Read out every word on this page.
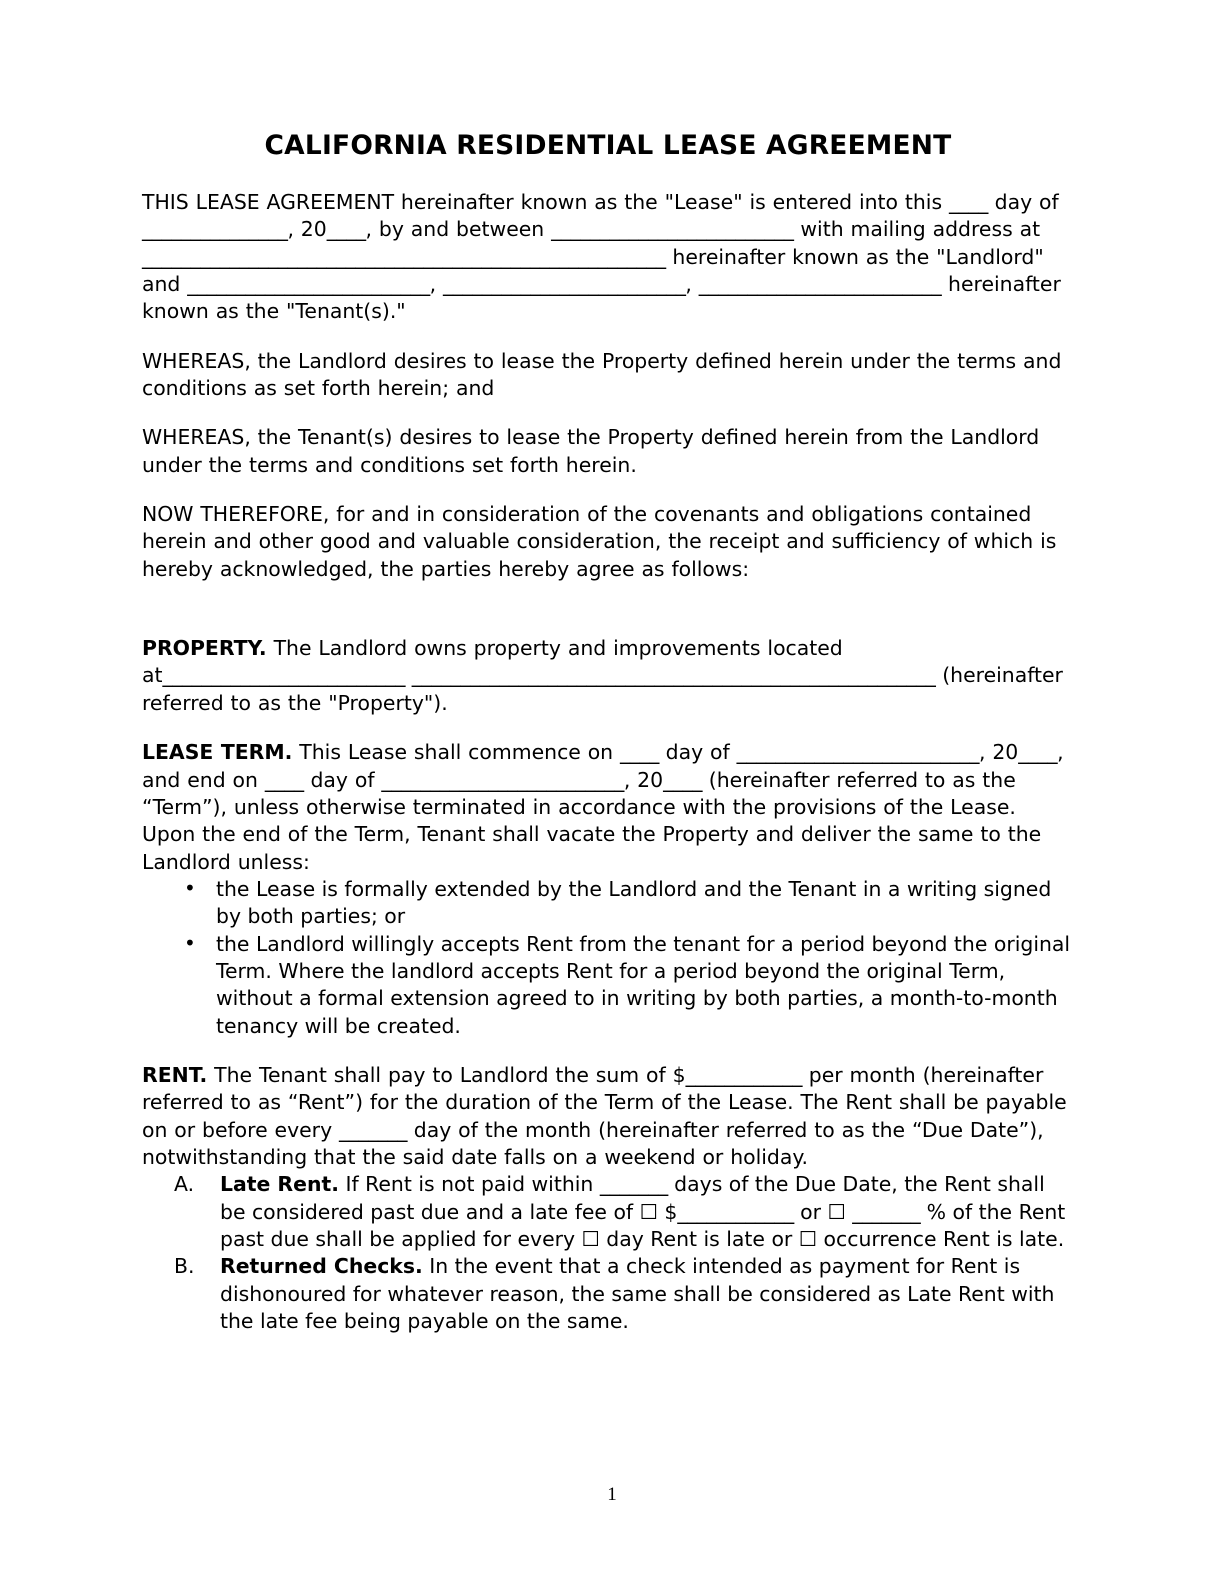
CALIFORNIA RESIDENTIAL LEASE AGREEMENT

THIS LEASE AGREEMENT hereinafter known as the "Lease" is entered into this ____ day of _______________, 20____, by and between _________________________ with mailing address at ______________________________________________________ hereinafter known as the "Landlord" and _________________________, _________________________, _________________________ hereinafter known as the "Tenant(s)."

WHEREAS, the Landlord desires to lease the Property defined herein under the terms and conditions as set forth herein; and

WHEREAS, the Tenant(s) desires to lease the Property defined herein from the Landlord under the terms and conditions set forth herein.

NOW THEREFORE, for and in consideration of the covenants and obligations contained herein and other good and valuable consideration, the receipt and sufficiency of which is hereby acknowledged, the parties hereby agree as follows:

PROPERTY. The Landlord owns property and improvements located at_________________________ ______________________________________________________ (hereinafter referred to as the "Property").

LEASE TERM. This Lease shall commence on ____ day of _________________________, 20____, and end on ____ day of _________________________, 20____ (hereinafter referred to as the “Term”), unless otherwise terminated in accordance with the provisions of the Lease. Upon the end of the Term, Tenant shall vacate the Property and deliver the same to the Landlord unless:

• the Lease is formally extended by the Landlord and the Tenant in a writing signed by both parties; or
• the Landlord willingly accepts Rent from the tenant for a period beyond the original Term. Where the landlord accepts Rent for a period beyond the original Term, without a formal extension agreed to in writing by both parties, a month-to-month tenancy will be created.

RENT. The Tenant shall pay to Landlord the sum of $____________ per month (hereinafter referred to as “Rent”) for the duration of the Term of the Lease. The Rent shall be payable on or before every _______ day of the month (hereinafter referred to as the “Due Date”), notwithstanding that the said date falls on a weekend or holiday.

A.	Late Rent. If Rent is not paid within _______ days of the Due Date, the Rent shall be considered past due and a late fee of ☐ $____________ or ☐ _______ % of the Rent past due shall be applied for every ☐ day Rent is late or ☐ occurrence Rent is late.
B.	Returned Checks. In the event that a check intended as payment for Rent is dishonoured for whatever reason, the same shall be considered as Late Rent with the late fee being payable on the same.
1
